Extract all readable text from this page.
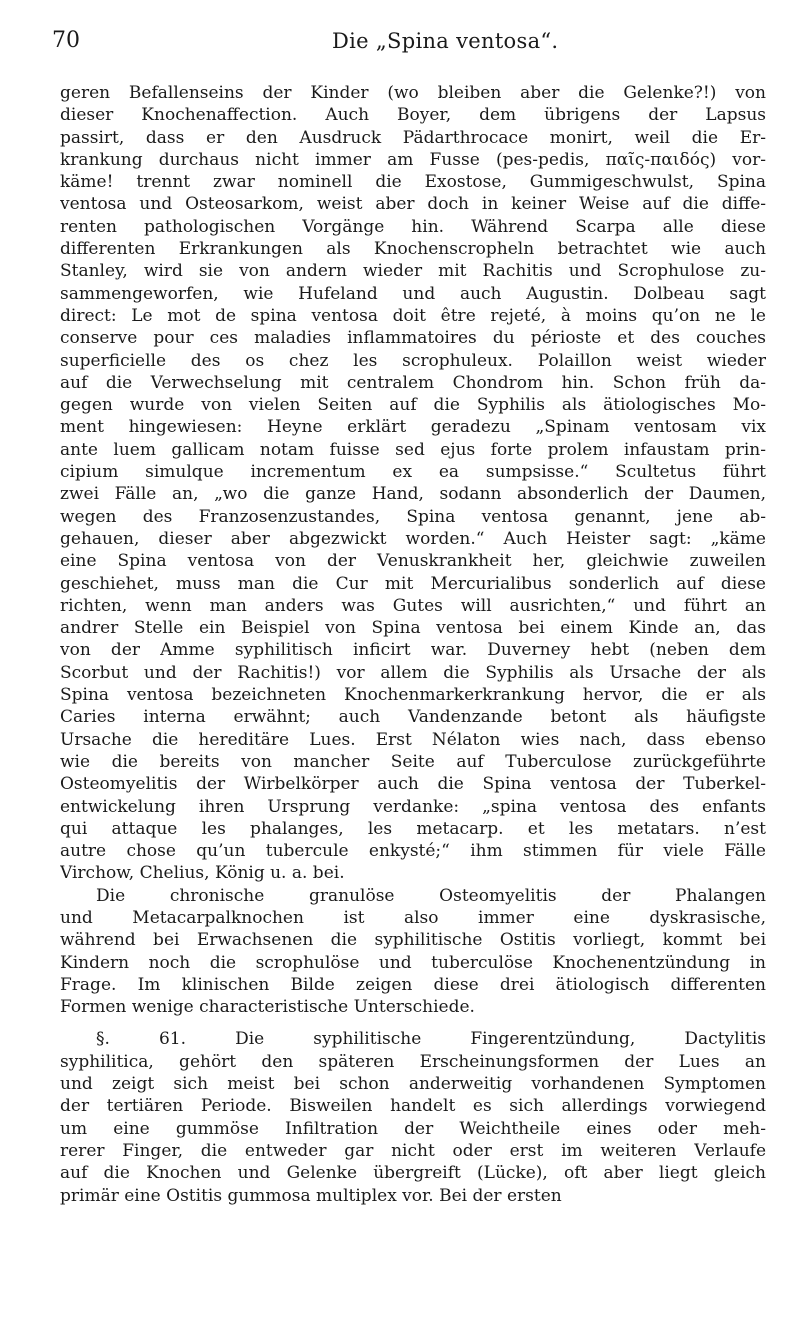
70	Die „Spina ventosa“.
geren Befallenseins der Kinder (wo bleiben aber die Gelenke?!) von
dieser Knochenaffection. Auch Boyer, dem übrigens der Lapsus
passirt, dass er den Ausdruck Pädarthrocace monirt, weil die Er-
krankung durchaus nicht immer am Fusse (pes-pedis, παῖς-παιδός) vor-
käme! trennt zwar nominell die Exostose, Gummigeschwulst, Spina
ventosa und Osteosarkom, weist aber doch in keiner Weise auf die diffe-
renten pathologischen Vorgänge hin. Während Scarpa alle diese
differenten Erkrankungen als Knochenscropheln betrachtet wie auch
Stanley, wird sie von andern wieder mit Rachitis und Scrophulose zu-
sammengeworfen, wie Hufeland und auch Augustin. Dolbeau sagt
direct: Le mot de spina ventosa doit être rejeté, à moins qu’on ne le
conserve pour ces maladies inflammatoires du périoste et des couches
superficielle des os chez les scrophuleux. Polaillon weist wieder
auf die Verwechselung mit centralem Chondrom hin. Schon früh da-
gegen wurde von vielen Seiten auf die Syphilis als ätiologisches Mo-
ment hingewiesen: Heyne erklärt geradezu „Spinam ventosam vix
ante luem gallicam notam fuisse sed ejus forte prolem infaustam prin-
cipium simulque incrementum ex ea sumpsisse.“ Scultetus führt
zwei Fälle an, „wo die ganze Hand, sodann absonderlich der Daumen,
wegen des Franzosenzustandes, Spina ventosa genannt, jene ab-
gehauen, dieser aber abgezwickt worden.“ Auch Heister sagt: „käme
eine Spina ventosa von der Venuskrankheit her, gleichwie zuweilen
geschiehet, muss man die Cur mit Mercurialibus sonderlich auf diese
richten, wenn man anders was Gutes will ausrichten,“ und führt an
andrer Stelle ein Beispiel von Spina ventosa bei einem Kinde an, das
von der Amme syphilitisch inficirt war. Duverney hebt (neben dem
Scorbut und der Rachitis!) vor allem die Syphilis als Ursache der als
Spina ventosa bezeichneten Knochenmarkerkrankung hervor, die er als
Caries interna erwähnt; auch Vandenzande betont als häufigste
Ursache die hereditäre Lues. Erst Nélaton wies nach, dass ebenso
wie die bereits von mancher Seite auf Tuberculose zurückgeführte
Osteomyelitis der Wirbelkörper auch die Spina ventosa der Tuberkel-
entwickelung ihren Ursprung verdanke: „spina ventosa des enfants
qui attaque les phalanges, les metacarp. et les metatars. n’est
autre chose qu’un tubercule enkysté;“ ihm stimmen für viele Fälle
Virchow, Chelius, König u. a. bei.
Die chronische granulöse Osteomyelitis der Phalangen
und Metacarpalknochen ist also immer eine dyskrasische,
während bei Erwachsenen die syphilitische Ostitis vorliegt, kommt bei
Kindern noch die scrophulöse und tuberculöse Knochenentzündung in
Frage. Im klinischen Bilde zeigen diese drei ätiologisch differenten
Formen wenige characteristische Unterschiede.
§. 61. Die syphilitische Fingerentzündung, Dactylitis
syphilitica, gehört den späteren Erscheinungsformen der Lues an
und zeigt sich meist bei schon anderweitig vorhandenen Symptomen
der tertiären Periode. Bisweilen handelt es sich allerdings vorwiegend
um eine gummöse Infiltration der Weichtheile eines oder meh-
rerer Finger, die entweder gar nicht oder erst im weiteren Verlaufe
auf die Knochen und Gelenke übergreift (Lücke), oft aber liegt gleich
primär eine Ostitis gummosa multiplex vor. Bei der ersten
